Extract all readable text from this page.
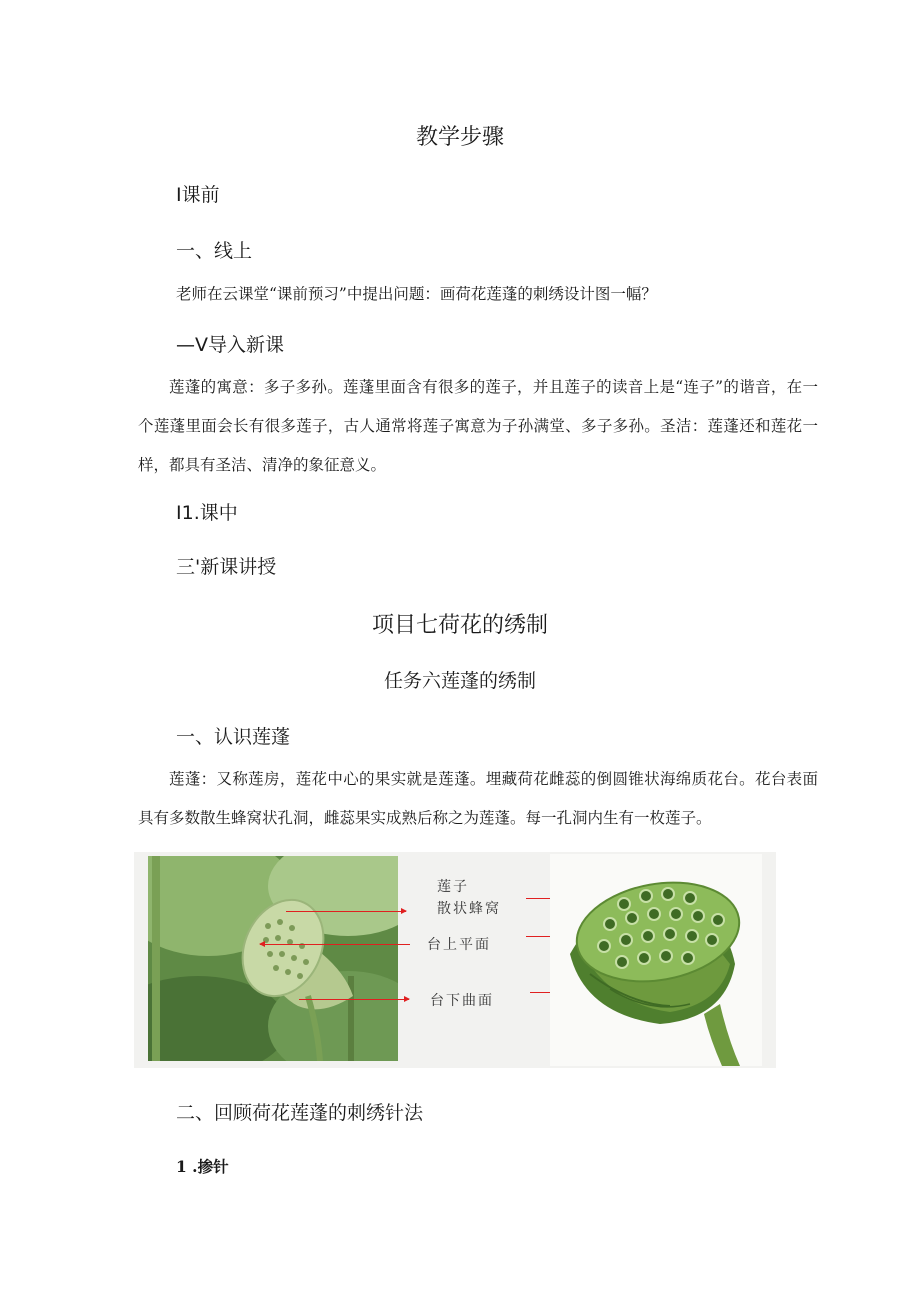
教学步骤
I课前
一、线上
老师在云课堂“课前预习”中提出问题：画荷花莲蓬的刺绣设计图一幅？
—V导入新课

莲蓬的寓意：多子多孙。莲蓬里面含有很多的莲子，并且莲子的读音上是“连子”的谐音，在一个莲蓬里面会长有很多莲子，古人通常将莲子寓意为子孙满堂、多子多孙。圣洁：莲蓬还和莲花一样，都具有圣洁、清净的象征意义。

I1.课中
三'新课讲授
项目七荷花的绣制
任务六莲蓬的绣制
一、认识莲蓬

莲蓬：又称莲房，莲花中心的果实就是莲蓬。埋藏荷花雌蕊的倒圆锥状海绵质花台。花台表面具有多数散生蜂窝状孔洞，雌蕊果实成熟后称之为莲蓬。每一孔洞内生有一枚莲子。

莲子
散状蜂窝
台上平面
台下曲面
二、回顾荷花莲蓬的刺绣针法
1 .掺针
